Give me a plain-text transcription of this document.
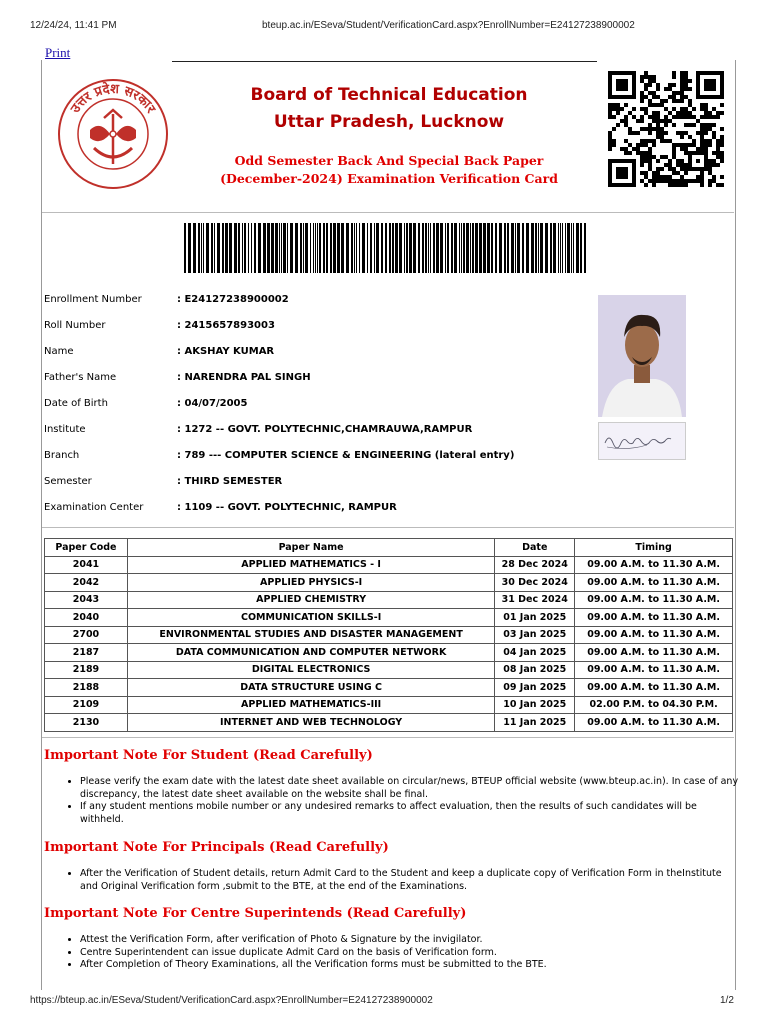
12/24/24, 11:41 PM	bteup.ac.in/ESeva/Student/VerificationCard.aspx?EnrollNumber=E24127238900002
Print
उत्तर प्रदेश सरकार
Board of Technical Education
Uttar Pradesh, Lucknow
Odd Semester Back And Special Back Paper
(December-2024) Examination Verification Card
Enrollment Number	: E24127238900002
Roll Number	: 2415657893003
Name	: AKSHAY KUMAR
Father's Name	: NARENDRA PAL SINGH
Date of Birth	: 04/07/2005
Institute	: 1272 -- GOVT. POLYTECHNIC,CHAMRAUWA,RAMPUR
Branch	: 789 --- COMPUTER SCIENCE & ENGINEERING (lateral entry)
Semester	: THIRD SEMESTER
Examination Center	: 1109 -- GOVT. POLYTECHNIC, RAMPUR
Paper Code	Paper Name	Date	Timing
2041	APPLIED MATHEMATICS - I	28 Dec 2024	09.00 A.M. to 11.30 A.M.
2042	APPLIED PHYSICS-I	30 Dec 2024	09.00 A.M. to 11.30 A.M.
2043	APPLIED CHEMISTRY	31 Dec 2024	09.00 A.M. to 11.30 A.M.
2040	COMMUNICATION SKILLS-I	01 Jan 2025	09.00 A.M. to 11.30 A.M.
2700	ENVIRONMENTAL STUDIES AND DISASTER MANAGEMENT	03 Jan 2025	09.00 A.M. to 11.30 A.M.
2187	DATA COMMUNICATION AND COMPUTER NETWORK	04 Jan 2025	09.00 A.M. to 11.30 A.M.
2189	DIGITAL ELECTRONICS	08 Jan 2025	09.00 A.M. to 11.30 A.M.
2188	DATA STRUCTURE USING C	09 Jan 2025	09.00 A.M. to 11.30 A.M.
2109	APPLIED MATHEMATICS-III	10 Jan 2025	02.00 P.M. to 04.30 P.M.
2130	INTERNET AND WEB TECHNOLOGY	11 Jan 2025	09.00 A.M. to 11.30 A.M.
Important Note For Student (Read Carefully)
• Please verify the exam date with the latest date sheet available on circular/news, BTEUP official website (www.bteup.ac.in). In case of any discrepancy, the latest date sheet available on the website shall be final.
• If any student mentions mobile number or any undesired remarks to affect evaluation, then the results of such candidates will be withheld.
Important Note For Principals (Read Carefully)
• After the Verification of Student details, return Admit Card to the Student and keep a duplicate copy of Verification Form in theInstitute and Original Verification form ,submit to the BTE, at the end of the Examinations.
Important Note For Centre Superintends (Read Carefully)
• Attest the Verification Form, after verification of Photo & Signature by the invigilator.
• Centre Superintendent can issue duplicate Admit Card on the basis of Verification form.
• After Completion of Theory Examinations, all the Verification forms must be submitted to the BTE.
https://bteup.ac.in/ESeva/Student/VerificationCard.aspx?EnrollNumber=E24127238900002	1/2
